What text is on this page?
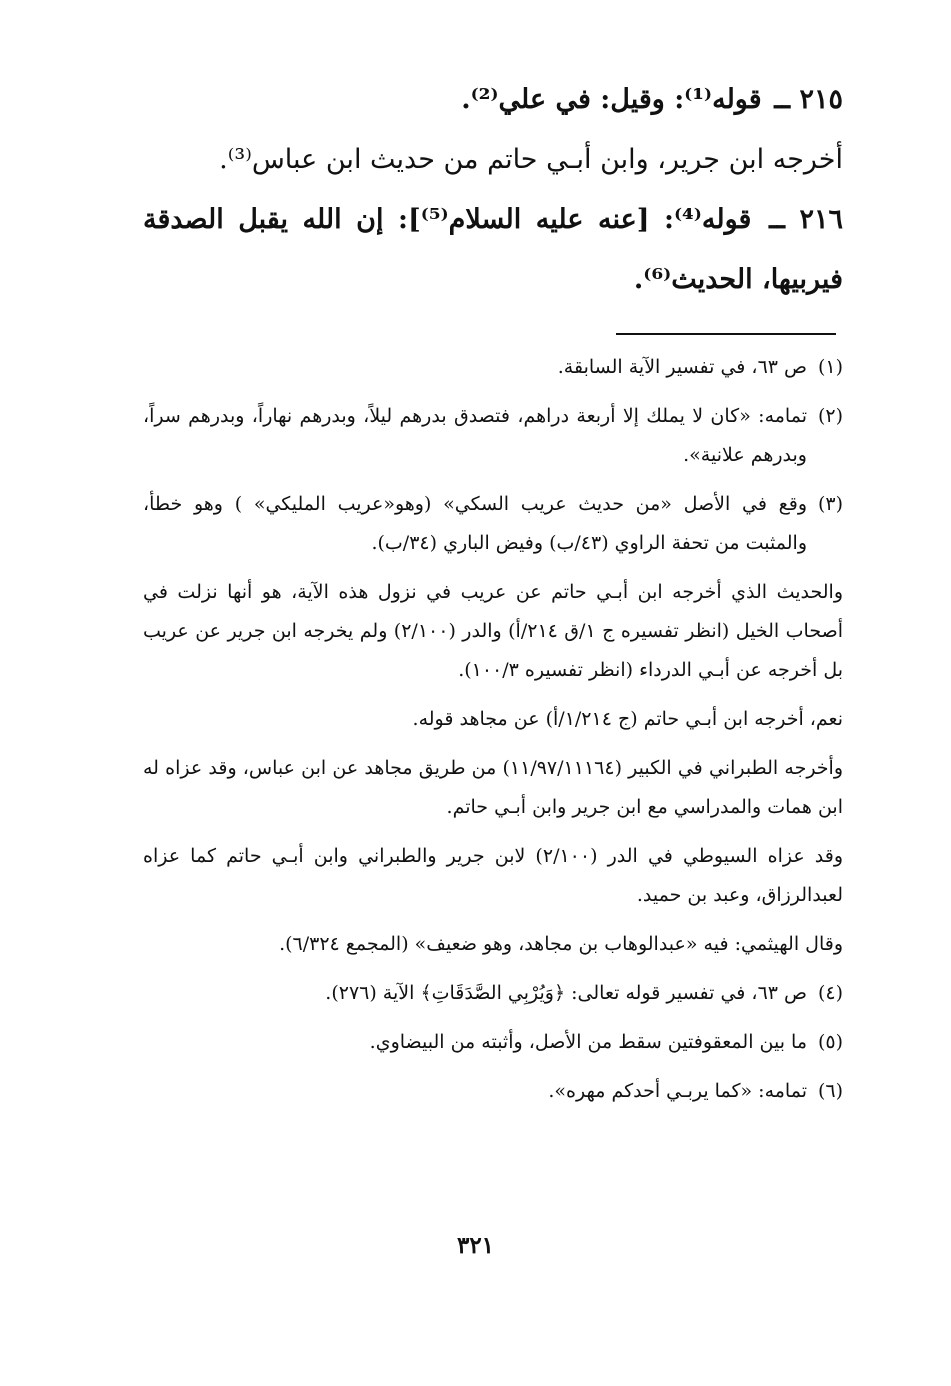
٢١٥ ــ قوله⁽¹⁾: وقيل: في علي⁽²⁾.

أخرجه ابن جرير، وابن أبـي حاتم من حديث ابن عباس⁽³⁾.

٢١٦ ــ قوله⁽⁴⁾: [عنه عليه السلام⁽⁵⁾]: إن الله يقبل الصدقة فيربيها، الحديث⁽⁶⁾.

(١)
ص ٦٣، في تفسير الآية السابقة.
(٢)
تمامه: «كان لا يملك إلا أربعة دراهم، فتصدق بدرهم ليلاً، وبدرهم نهاراً، وبدرهم سراً، وبدرهم علانية».
(٣)
وقع في الأصل «من حديث عريب السكي» (وهو«عريب المليكي» ) وهو خطأ، والمثبت من تحفة الراوي (٤٣/ب) وفيض الباري (٣٤/ب).

والحديث الذي أخرجه ابن أبـي حاتم عن عريب في نزول هذه الآية، هو أنها نزلت في أصحاب الخيل (انظر تفسيره ج ١/ق ٢١٤/أ) والدر (٢/١٠٠) ولم يخرجه ابن جرير عن عريب بل أخرجه عن أبـي الدرداء (انظر تفسيره ١٠٠/٣).

نعم، أخرجه ابن أبـي حاتم (ج ١/٢١٤/أ) عن مجاهد قوله.

وأخرجه الطبراني في الكبير (١١/٩٧/١١١٦٤) من طريق مجاهد عن ابن عباس، وقد عزاه له ابن همات والمدراسي مع ابن جرير وابن أبـي حاتم.

وقد عزاه السيوطي في الدر (٢/١٠٠) لابن جرير والطبراني وابن أبـي حاتم كما عزاه لعبدالرزاق، وعبد بن حميد.

وقال الهيثمي: فيه «عبدالوهاب بن مجاهد، وهو ضعيف» (المجمع ٦/٣٢٤).

(٤)
ص ٦٣، في تفسير قوله تعالى: ﴿وَيُرْبِي الصَّدَقَاتِ﴾ الآية (٢٧٦).
(٥)
ما بين المعقوفتين سقط من الأصل، وأثبته من البيضاوي.
(٦)
تمامه: «كما يربـي أحدكم مهره».
٣٢١
